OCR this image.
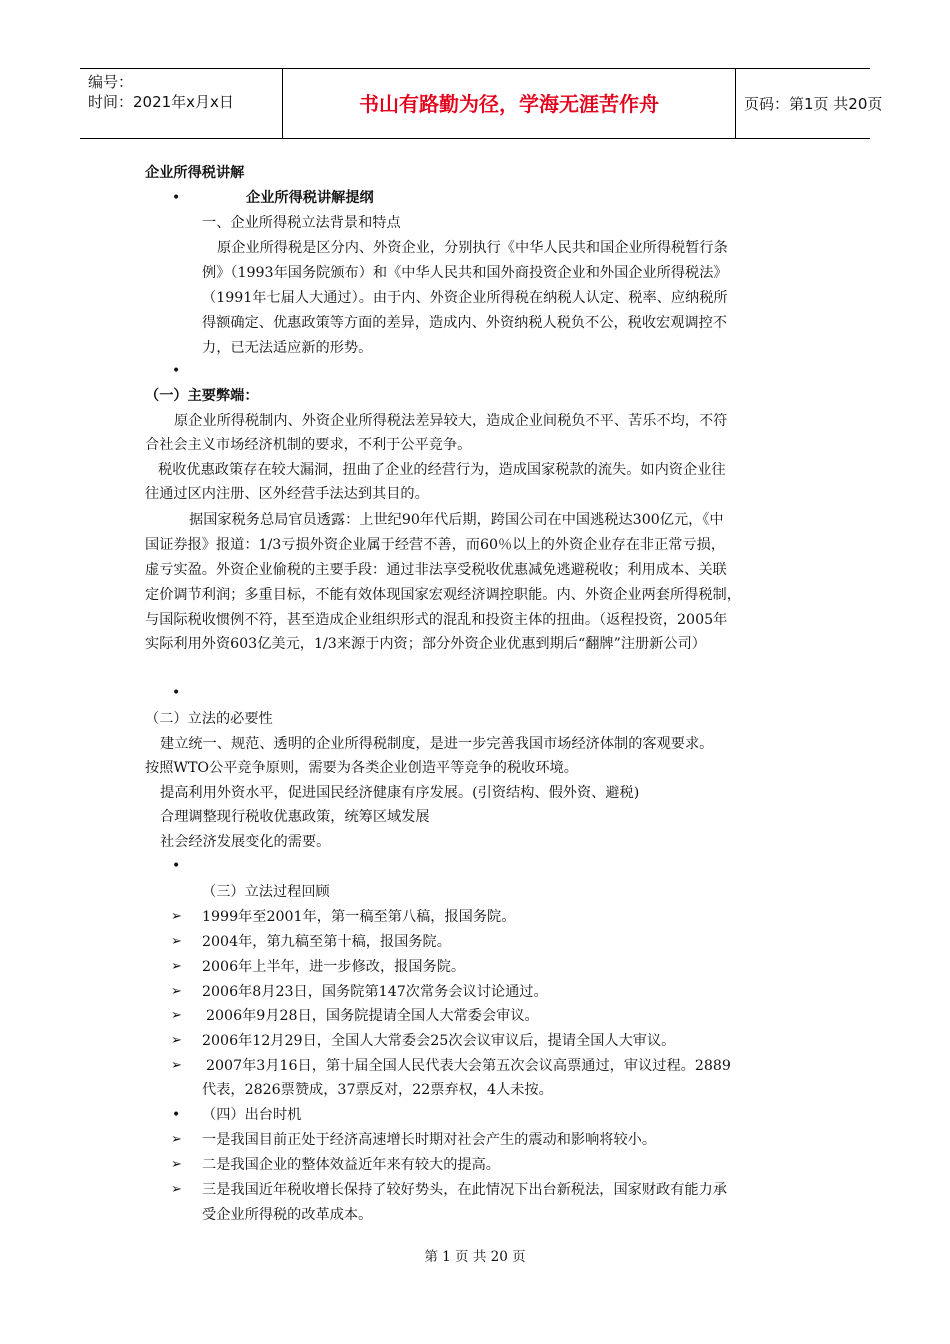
编号：
时间：2021年x月x日	书山有路勤为径，学海无涯苦作舟	页码：第1页 共20页
企业所得税讲解
•	企业所得税讲解提纲
一、企业所得税立法背景和特点
原企业所得税是区分内、外资企业，分别执行《中华人民共和国企业所得税暂行条
例》（1993年国务院颁布）和《中华人民共和国外商投资企业和外国企业所得税法》
（1991年七届人大通过）。由于内、外资企业所得税在纳税人认定、税率、应纳税所
得额确定、优惠政策等方面的差异，造成内、外资纳税人税负不公，税收宏观调控不
力，已无法适应新的形势。
•
（一）主要弊端：
原企业所得税制内、外资企业所得税法差异较大，造成企业间税负不平、苦乐不均，不符
合社会主义市场经济机制的要求，不利于公平竞争。
税收优惠政策存在较大漏洞，扭曲了企业的经营行为，造成国家税款的流失。如内资企业往
往通过区内注册、区外经营手法达到其目的。
据国家税务总局官员透露：上世纪90年代后期，跨国公司在中国逃税达300亿元，《中
国证券报》报道：1/3亏损外资企业属于经营不善，而60％以上的外资企业存在非正常亏损，
虚亏实盈。外资企业偷税的主要手段：通过非法享受税收优惠减免逃避税收；利用成本、关联
定价调节利润；多重目标，不能有效体现国家宏观经济调控职能。内、外资企业两套所得税制，
与国际税收惯例不符，甚至造成企业组织形式的混乱和投资主体的扭曲。（返程投资，2005年
实际利用外资603亿美元，1/3来源于内资；部分外资企业优惠到期后“翻牌”注册新公司）
•
（二）立法的必要性
建立统一、规范、透明的企业所得税制度，是进一步完善我国市场经济体制的客观要求。
按照WTO公平竞争原则，需要为各类企业创造平等竞争的税收环境。
提高利用外资水平，促进国民经济健康有序发展。(引资结构、假外资、避税)
合理调整现行税收优惠政策，统筹区域发展
社会经济发展变化的需要。
•
（三）立法过程回顾
➢ 1999年至2001年，第一稿至第八稿，报国务院。
➢ 2004年，第九稿至第十稿，报国务院。
➢ 2006年上半年，进一步修改，报国务院。
➢ 2006年8月23日，国务院第147次常务会议讨论通过。
➢ 2006年9月28日，国务院提请全国人大常委会审议。
➢ 2006年12月29日，全国人大常委会25次会议审议后，提请全国人大审议。
➢ 2007年3月16日，第十届全国人民代表大会第五次会议高票通过，审议过程。2889
代表，2826票赞成，37票反对，22票弃权，4人未按。
• （四）出台时机
➢ 一是我国目前正处于经济高速增长时期对社会产生的震动和影响将较小。
➢ 二是我国企业的整体效益近年来有较大的提高。
➢ 三是我国近年税收增长保持了较好势头，在此情况下出台新税法，国家财政有能力承
受企业所得税的改革成本。
第 1 页 共 20 页
